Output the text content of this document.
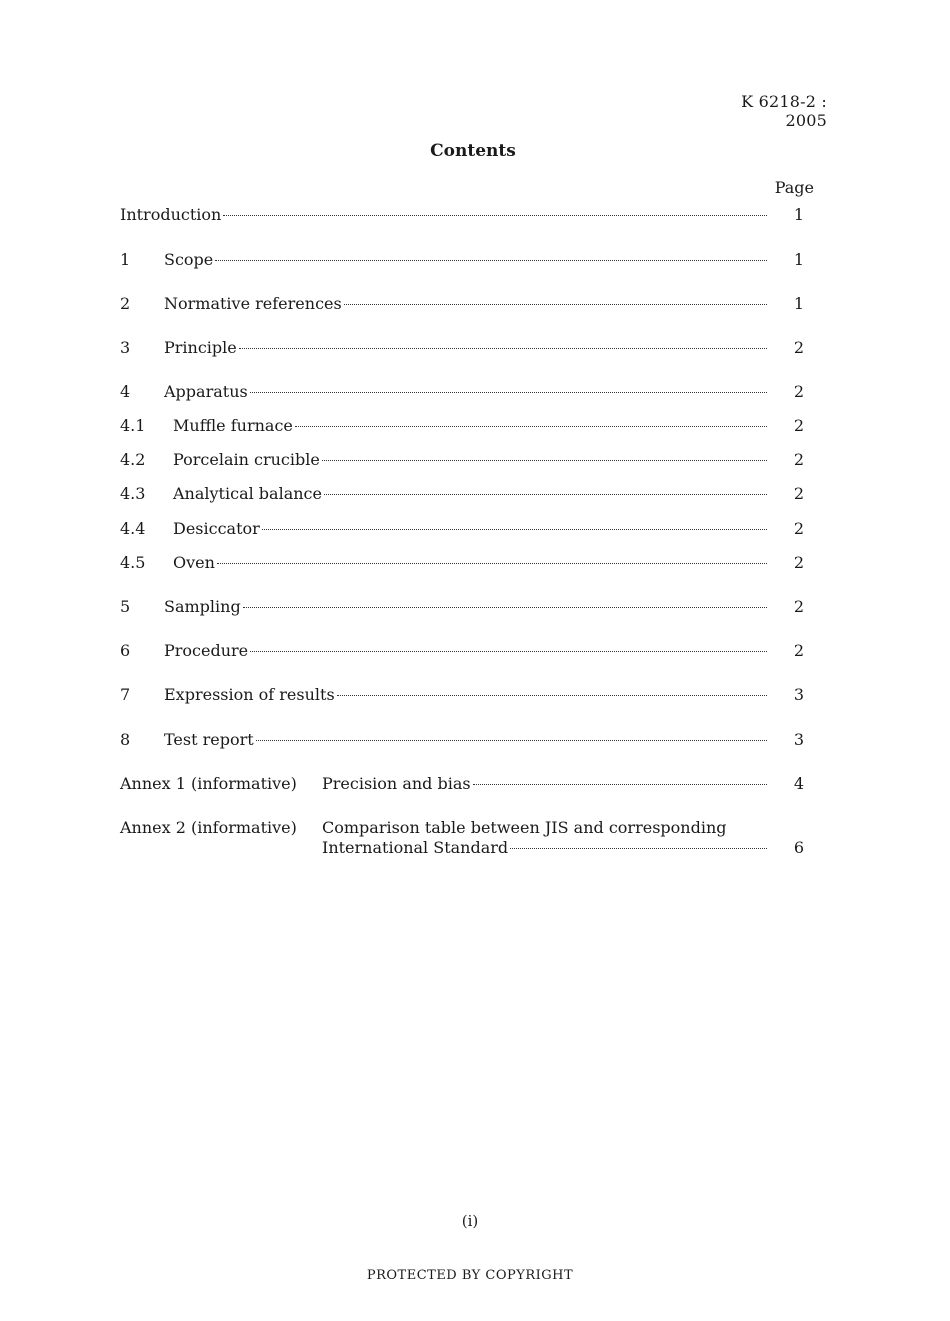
K 6218-2 : 2005
Contents
Page
Introduction	1
1 Scope	1
2 Normative references	1
3 Principle	2
4 Apparatus	2
4.1 Muffle furnace	2
4.2 Porcelain crucible	2
4.3 Analytical balance	2
4.4 Desiccator	2
4.5 Oven	2
5 Sampling	2
6 Procedure	2
7 Expression of results	3
8 Test report	3
Annex 1 (informative) Precision and bias	4
Annex 2 (informative) Comparison table between JIS and corresponding
International Standard	6
(i)
PROTECTED BY COPYRIGHT
